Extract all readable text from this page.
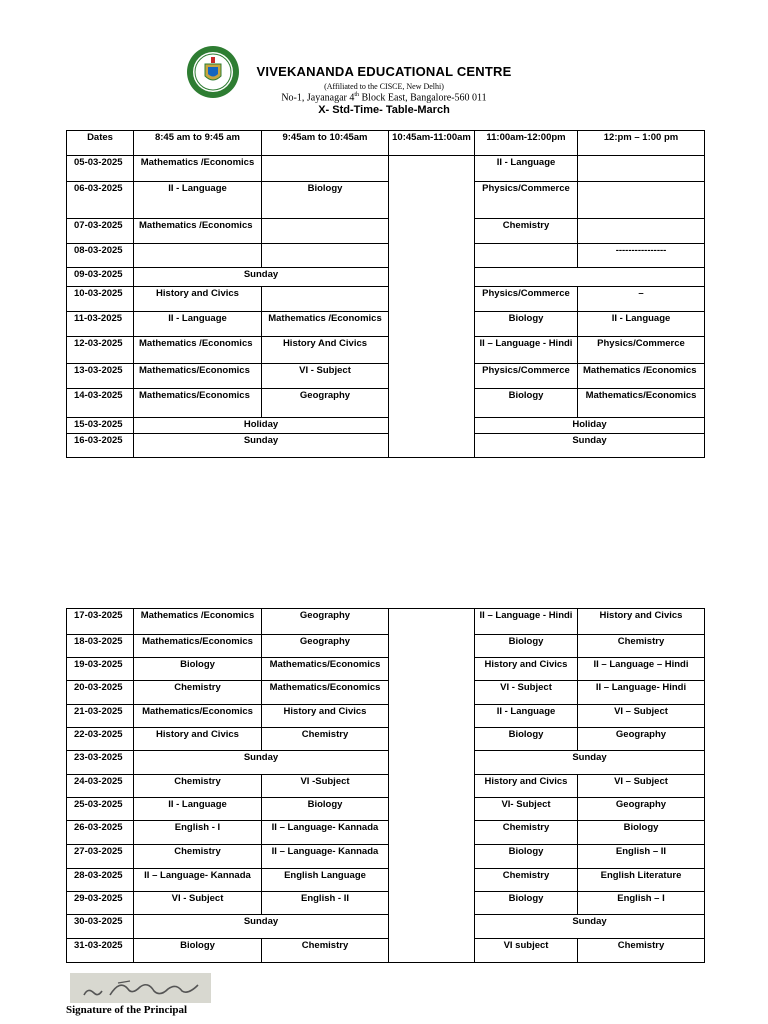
VIVEKANANDA EDUCATIONAL CENTRE
(Affiliated to the CISCE, New Delhi)
No-1, Jayanagar 4th Block East, Bangalore-560 011
X- Std-Time- Table-March
Dates	8:45 am to 9:45 am	9:45am to 10:45am	10:45am-11:00am	11:00am-12:00pm	12:pm – 1:00 pm
05-03-2025	Mathematics /Economics			II - Language	
06-03-2025	II - Language	Biology		Physics/Commerce	
07-03-2025	Mathematics /Economics			Chemistry	
08-03-2025					----------------
09-03-2025	Sunday				
10-03-2025	History and Civics			Physics/Commerce	–
11-03-2025	II - Language	Mathematics /Economics		Biology	II - Language
12-03-2025	Mathematics /Economics	History And Civics		II – Language - Hindi	Physics/Commerce
13-03-2025	Mathematics/Economics	VI - Subject		Physics/Commerce	Mathematics /Economics
14-03-2025	Mathematics/Economics	Geography		Biology	Mathematics/Economics
15-03-2025	Holiday			Holiday	
16-03-2025	Sunday			Sunday	
17-03-2025	Mathematics /Economics	Geography		II – Language - Hindi	History and Civics
18-03-2025	Mathematics/Economics	Geography		Biology	Chemistry
19-03-2025	Biology	Mathematics/Economics		History and Civics	II – Language – Hindi
20-03-2025	Chemistry	Mathematics/Economics		VI - Subject	II – Language- Hindi
21-03-2025	Mathematics/Economics	History and Civics		II - Language	VI – Subject
22-03-2025	History and Civics	Chemistry		Biology	Geography
23-03-2025	Sunday			Sunday	
24-03-2025	Chemistry	VI -Subject		History and Civics	VI – Subject
25-03-2025	II - Language	Biology		VI- Subject	Geography
26-03-2025	English - I	II – Language- Kannada		Chemistry	Biology
27-03-2025	Chemistry	II – Language- Kannada		Biology	English – II
28-03-2025	II – Language- Kannada	English Language		Chemistry	English Literature
29-03-2025	VI - Subject	English - II		Biology	English – I
30-03-2025	Sunday			Sunday	
31-03-2025	Biology	Chemistry		VI subject	Chemistry
Signature of the Principal
